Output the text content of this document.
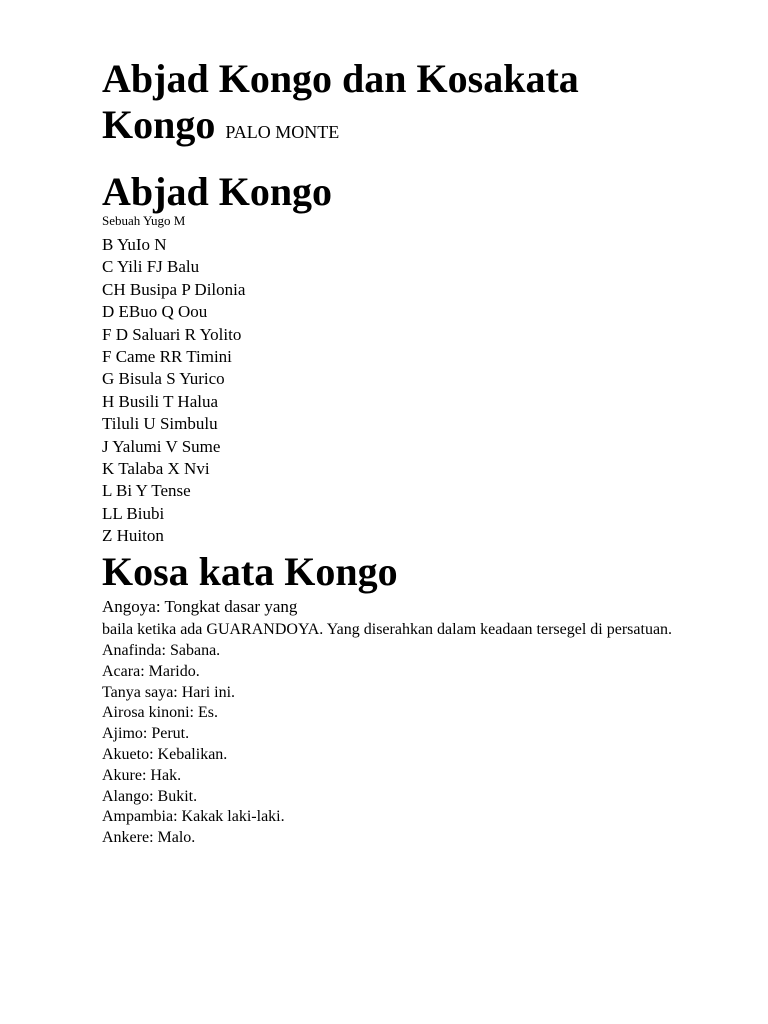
Abjad Kongo dan Kosakata Kongo PALO MONTE
Abjad Kongo
Sebuah Yugo M
B YuIo N
C Yili FJ Balu
CH Busipa P Dilonia
D EBuo Q Oou
F D Saluari R Yolito
F Came RR Timini
G Bisula S Yurico
H Busili T Halua
Tiluli U Simbulu
J Yalumi V Sume
K Talaba X Nvi
L Bi Y Tense
LL Biubi
Z Huiton
Kosa kata Kongo
Angoya: Tongkat dasar yang
baila ketika ada GUARANDOYA. Yang diserahkan dalam keadaan tersegel di persatuan.
Anafinda: Sabana.
Acara: Marido.
Tanya saya: Hari ini.
Airosa kinoni: Es.
Ajimo: Perut.
Akueto: Kebalikan.
Akure: Hak.
Alango: Bukit.
Ampambia: Kakak laki-laki.
Ankere: Malo.
